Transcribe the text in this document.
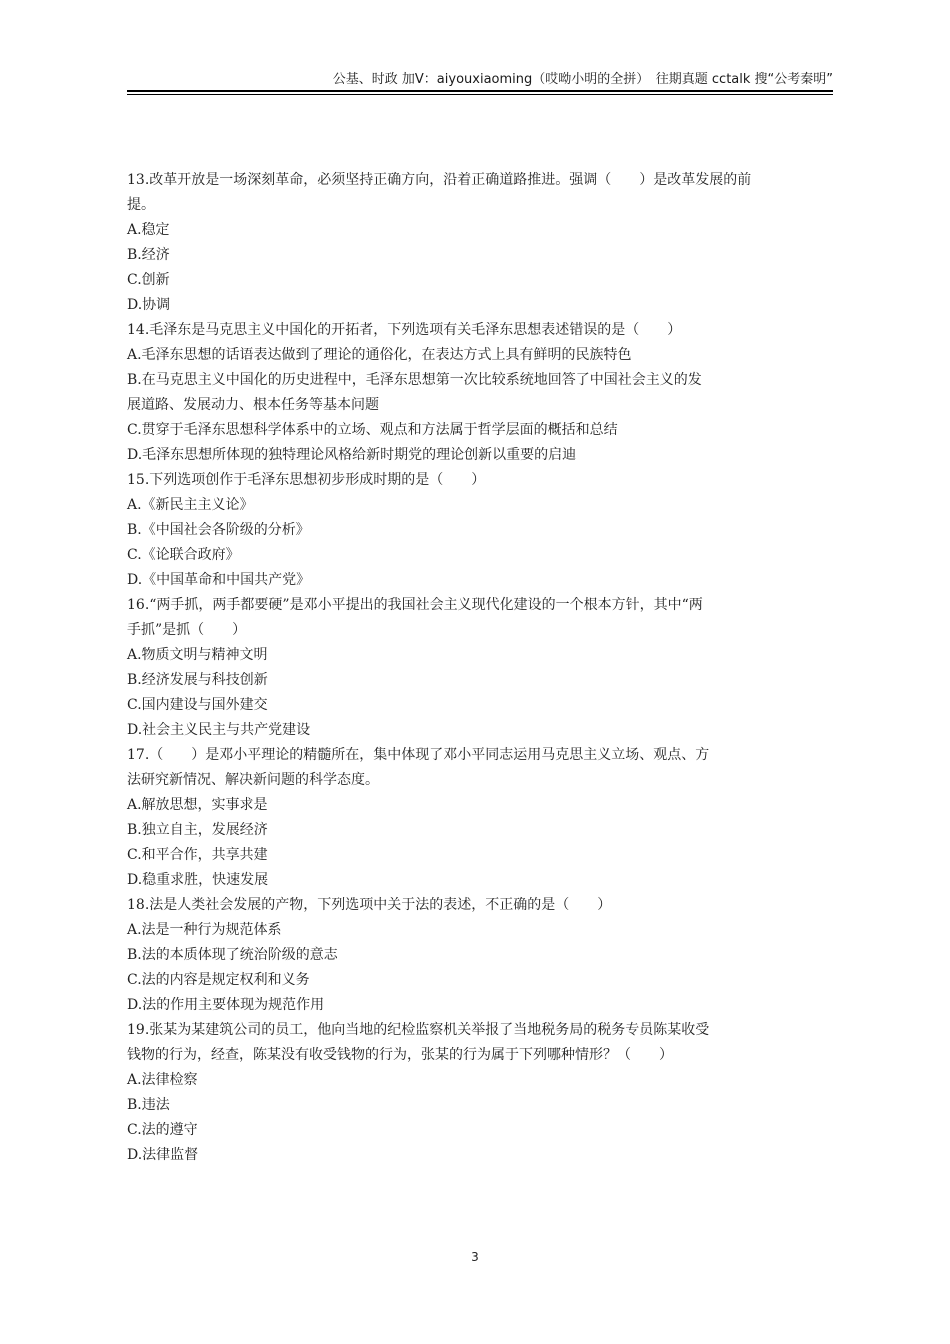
公基、时政 加V：aiyouxiaoming（哎呦小明的全拼）　往期真题 cctalk 搜“公考秦明”
13.改革开放是一场深刻革命，必须坚持正确方向，沿着正确道路推进。强调（　　）是改革发展的前
提。
A.稳定
B.经济
C.创新
D.协调
14.毛泽东是马克思主义中国化的开拓者，下列选项有关毛泽东思想表述错误的是（　　）
A.毛泽东思想的话语表达做到了理论的通俗化，在表达方式上具有鲜明的民族特色
B.在马克思主义中国化的历史进程中，毛泽东思想第一次比较系统地回答了中国社会主义的发
展道路、发展动力、根本任务等基本问题
C.贯穿于毛泽东思想科学体系中的立场、观点和方法属于哲学层面的概括和总结
D.毛泽东思想所体现的独特理论风格给新时期党的理论创新以重要的启迪
15.下列选项创作于毛泽东思想初步形成时期的是（　　）
A.《新民主主义论》
B.《中国社会各阶级的分析》
C.《论联合政府》
D.《中国革命和中国共产党》
16.“两手抓，两手都要硬”是邓小平提出的我国社会主义现代化建设的一个根本方针，其中“两
手抓”是抓（　　）
A.物质文明与精神文明
B.经济发展与科技创新
C.国内建设与国外建交
D.社会主义民主与共产党建设
17.（　　）是邓小平理论的精髓所在，集中体现了邓小平同志运用马克思主义立场、观点、方
法研究新情况、解决新问题的科学态度。
A.解放思想，实事求是
B.独立自主，发展经济
C.和平合作，共享共建
D.稳重求胜，快速发展
18.法是人类社会发展的产物，下列选项中关于法的表述，不正确的是（　　）
A.法是一种行为规范体系
B.法的本质体现了统治阶级的意志
C.法的内容是规定权利和义务
D.法的作用主要体现为规范作用
19.张某为某建筑公司的员工，他向当地的纪检监察机关举报了当地税务局的税务专员陈某收受
钱物的行为，经查，陈某没有收受钱物的行为，张某的行为属于下列哪种情形？（　　）
A.法律检察
B.违法
C.法的遵守
D.法律监督
3
